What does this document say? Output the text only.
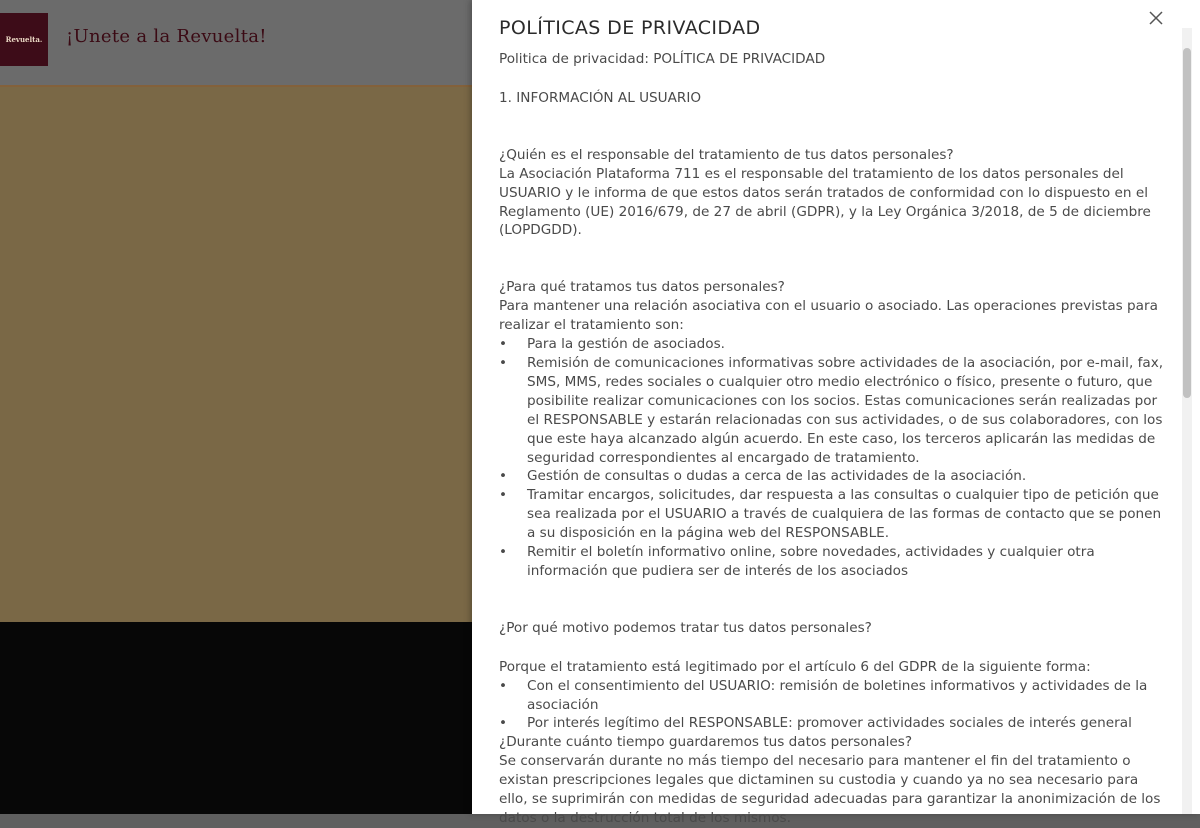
Revuelta. ¡Unete a la Revuelta!	POLÍTICAS DE PRIVACIDAD

Politica de privacidad: POLÍTICA DE PRIVACIDAD

1. INFORMACIÓN AL USUARIO

¿Quién es el responsable del tratamiento de tus datos personales?

La Asociación Plataforma 711 es el responsable del tratamiento de los datos personales del USUARIO y le informa de que estos datos serán tratados de conformidad con lo dispuesto en el Reglamento (UE) 2016/679, de 27 de abril (GDPR), y la Ley Orgánica 3/2018, de 5 de diciembre (LOPDGDD).

¿Para qué tratamos tus datos personales?

Para mantener una relación asociativa con el usuario o asociado. Las operaciones previstas para realizar el tratamiento son:

•	Para la gestión de asociados.
•	Remisión de comunicaciones informativas sobre actividades de la asociación, por e-mail, fax, SMS, MMS, redes sociales o cualquier otro medio electrónico o físico, presente o futuro, que posibilite realizar comunicaciones con los socios. Estas comunicaciones serán realizadas por el RESPONSABLE y estarán relacionadas con sus actividades, o de sus colaboradores, con los que este haya alcanzado algún acuerdo. En este caso, los terceros aplicarán las medidas de seguridad correspondientes al encargado de tratamiento.
•	Gestión de consultas o dudas a cerca de las actividades de la asociación.
•	Tramitar encargos, solicitudes, dar respuesta a las consultas o cualquier tipo de petición que sea realizada por el USUARIO a través de cualquiera de las formas de contacto que se ponen a su disposición en la página web del RESPONSABLE.
•	Remitir el boletín informativo online, sobre novedades, actividades y cualquier otra información que pudiera ser de interés de los asociados

¿Por qué motivo podemos tratar tus datos personales?

Porque el tratamiento está legitimado por el artículo 6 del GDPR de la siguiente forma:

•	Con el consentimiento del USUARIO: remisión de boletines informativos y actividades de la asociación
•	Por interés legítimo del RESPONSABLE: promover actividades sociales de interés general

¿Durante cuánto tiempo guardaremos tus datos personales?

Se conservarán durante no más tiempo del necesario para mantener el fin del tratamiento o existan prescripciones legales que dictaminen su custodia y cuando ya no sea necesario para ello, se suprimirán con medidas de seguridad adecuadas para garantizar la anonimización de los datos o la destrucción total de los mismos.
